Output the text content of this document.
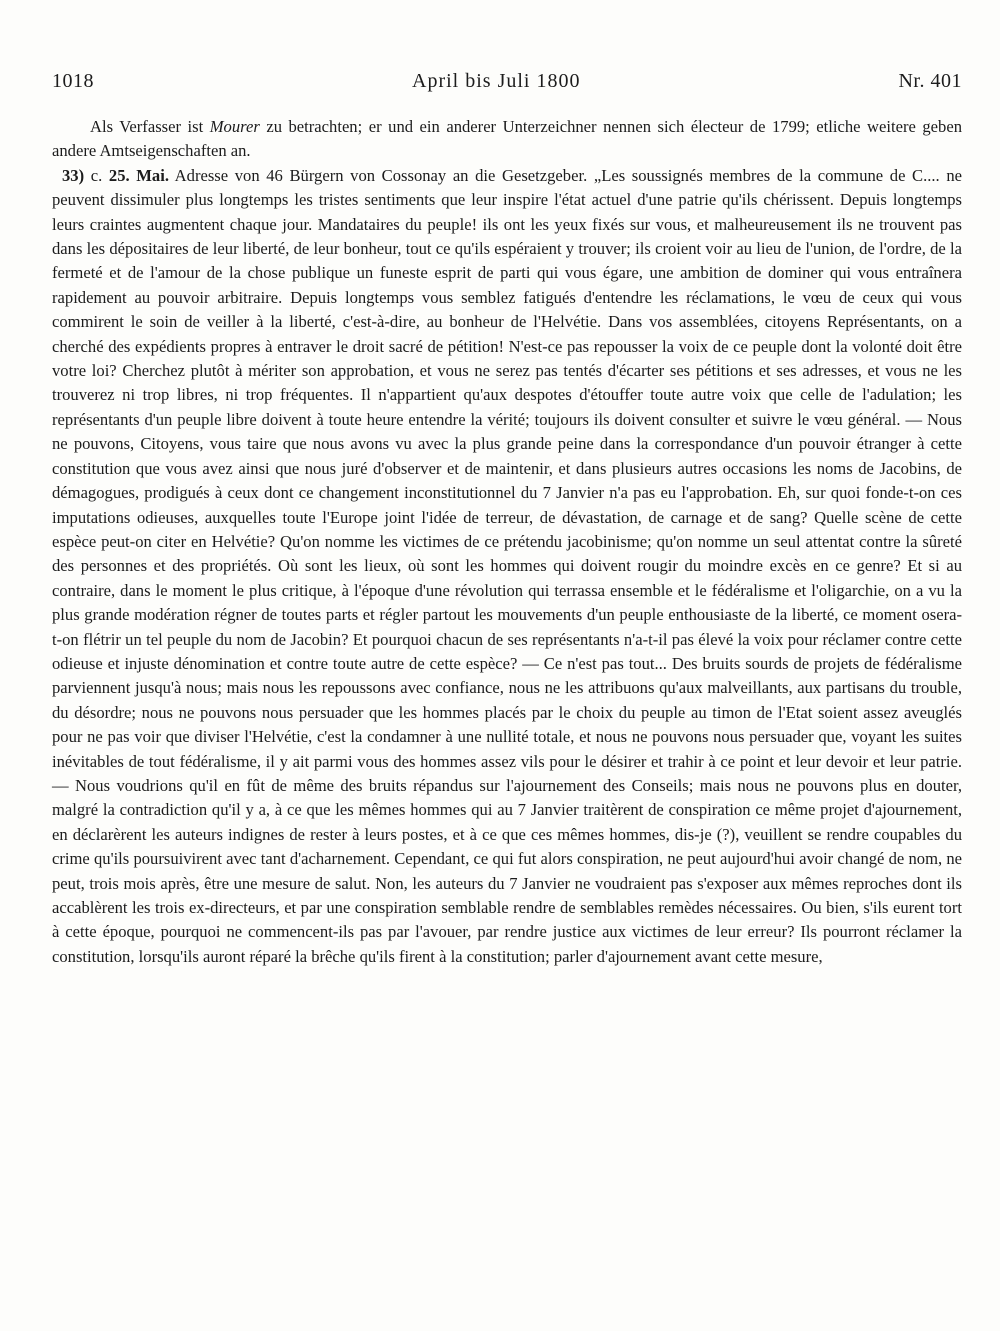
1018	April bis Juli 1800	Nr. 401

Als Verfasser ist Mourer zu betrachten; er und ein anderer Unterzeichner nennen sich électeur de 1799; etliche weitere geben andere Amtseigenschaften an.

33) c. 25. Mai. Adresse von 46 Bürgern von Cossonay an die Gesetzgeber. „Les soussignés membres de la commune de C.... ne peuvent dissimuler plus longtemps les tristes sentiments que leur inspire l'état actuel d'une patrie qu'ils chérissent. Depuis longtemps leurs craintes augmentent chaque jour. Mandataires du peuple! ils ont les yeux fixés sur vous, et malheureusement ils ne trouvent pas dans les dépositaires de leur liberté, de leur bonheur, tout ce qu'ils espéraient y trouver; ils croient voir au lieu de l'union, de l'ordre, de la fermeté et de l'amour de la chose publique un funeste esprit de parti qui vous égare, une ambition de dominer qui vous entraînera rapidement au pouvoir arbitraire. Depuis longtemps vous semblez fatigués d'entendre les réclamations, le vœu de ceux qui vous commirent le soin de veiller à la liberté, c'est-à-dire, au bonheur de l'Helvétie. Dans vos assemblées, citoyens Représentants, on a cherché des expédients propres à entraver le droit sacré de pétition! N'est-ce pas repousser la voix de ce peuple dont la volonté doit être votre loi? Cherchez plutôt à mériter son approbation, et vous ne serez pas tentés d'écarter ses pétitions et ses adresses, et vous ne les trouverez ni trop libres, ni trop fréquentes. Il n'appartient qu'aux despotes d'étouffer toute autre voix que celle de l'adulation; les représentants d'un peuple libre doivent à toute heure entendre la vérité; toujours ils doivent consulter et suivre le vœu général. — Nous ne pouvons, Citoyens, vous taire que nous avons vu avec la plus grande peine dans la correspondance d'un pouvoir étranger à cette constitution que vous avez ainsi que nous juré d'observer et de maintenir, et dans plusieurs autres occasions les noms de Jacobins, de démagogues, prodigués à ceux dont ce changement inconstitutionnel du 7 Janvier n'a pas eu l'approbation. Eh, sur quoi fonde-t-on ces imputations odieuses, auxquelles toute l'Europe joint l'idée de terreur, de dévastation, de carnage et de sang? Quelle scène de cette espèce peut-on citer en Helvétie? Qu'on nomme les victimes de ce prétendu jacobinisme; qu'on nomme un seul attentat contre la sûreté des personnes et des propriétés. Où sont les lieux, où sont les hommes qui doivent rougir du moindre excès en ce genre? Et si au contraire, dans le moment le plus critique, à l'époque d'une révolution qui terrassa ensemble et le fédéralisme et l'oligarchie, on a vu la plus grande modération régner de toutes parts et régler partout les mouvements d'un peuple enthousiaste de la liberté, ce moment osera-t-on flétrir un tel peuple du nom de Jacobin? Et pourquoi chacun de ses représentants n'a-t-il pas élevé la voix pour réclamer contre cette odieuse et injuste dénomination et contre toute autre de cette espèce? — Ce n'est pas tout... Des bruits sourds de projets de fédéralisme parviennent jusqu'à nous; mais nous les repoussons avec confiance, nous ne les attribuons qu'aux malveillants, aux partisans du trouble, du désordre; nous ne pouvons nous persuader que les hommes placés par le choix du peuple au timon de l'Etat soient assez aveuglés pour ne pas voir que diviser l'Helvétie, c'est la condamner à une nullité totale, et nous ne pouvons nous persuader que, voyant les suites inévitables de tout fédéralisme, il y ait parmi vous des hommes assez vils pour le désirer et trahir à ce point et leur devoir et leur patrie. — Nous voudrions qu'il en fût de même des bruits répandus sur l'ajournement des Conseils; mais nous ne pouvons plus en douter, malgré la contradiction qu'il y a, à ce que les mêmes hommes qui au 7 Janvier traitèrent de conspiration ce même projet d'ajournement, en déclarèrent les auteurs indignes de rester à leurs postes, et à ce que ces mêmes hommes, dis-je (?), veuillent se rendre coupables du crime qu'ils poursuivirent avec tant d'acharnement. Cependant, ce qui fut alors conspiration, ne peut aujourd'hui avoir changé de nom, ne peut, trois mois après, être une mesure de salut. Non, les auteurs du 7 Janvier ne voudraient pas s'exposer aux mêmes reproches dont ils accablèrent les trois ex-directeurs, et par une conspiration semblable rendre de semblables remèdes nécessaires. Ou bien, s'ils eurent tort à cette époque, pourquoi ne commencent-ils pas par l'avouer, par rendre justice aux victimes de leur erreur? Ils pourront réclamer la constitution, lorsqu'ils auront réparé la brêche qu'ils firent à la constitution; parler d'ajournement avant cette mesure,
